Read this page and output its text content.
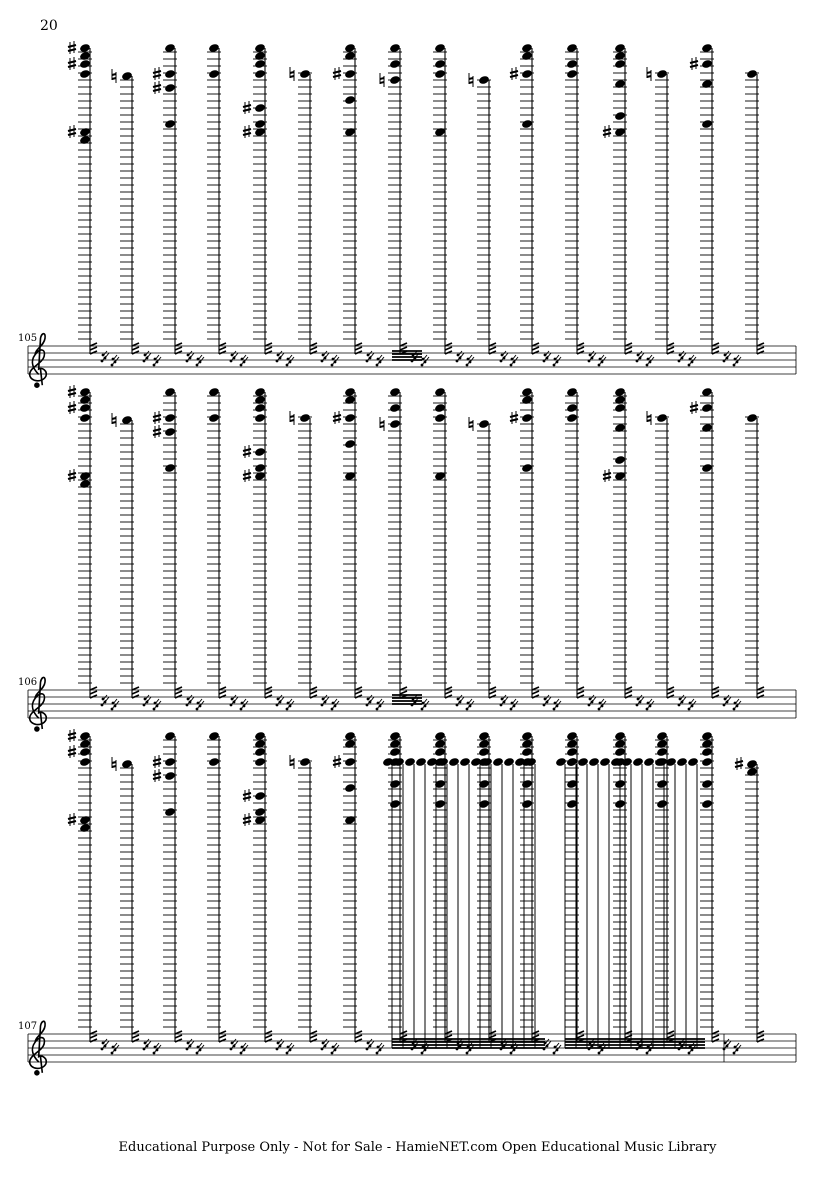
20
105
106
107
Educational Purpose Only - Not for Sale - HamieNET.com Open Educational Music Library
